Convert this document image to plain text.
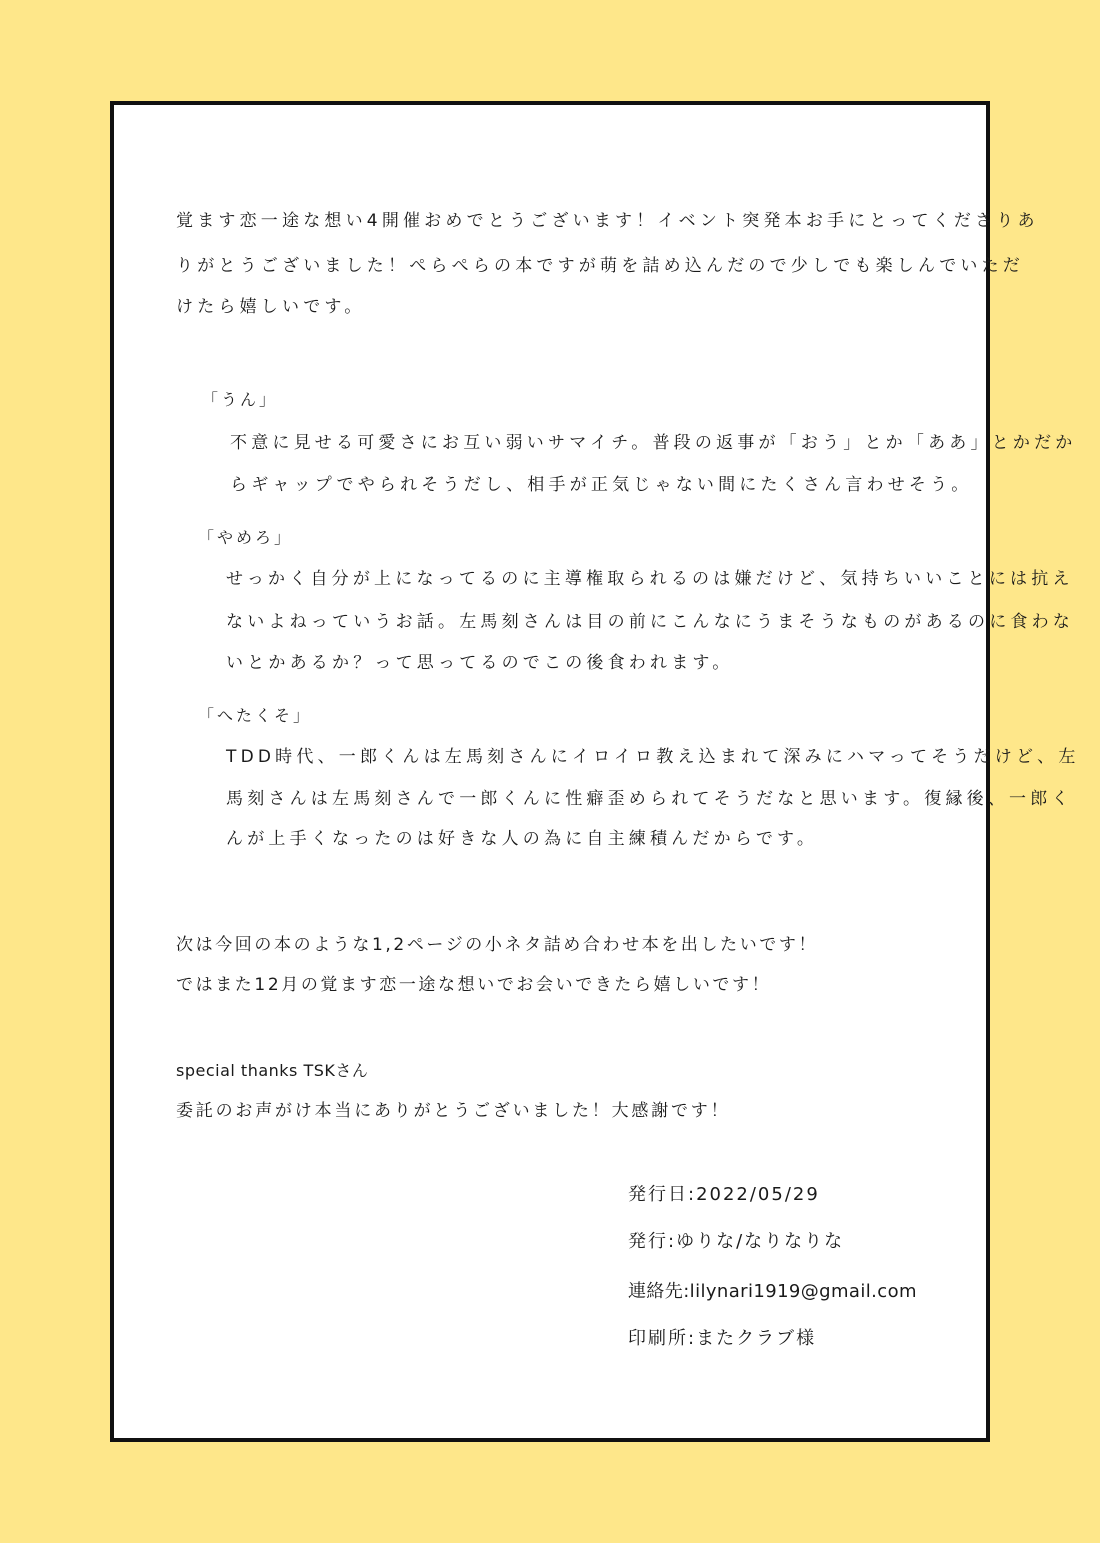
覚ます恋一途な想い4開催おめでとうございます！イベント突発本お手にとってくださりあ
りがとうございました！ぺらぺらの本ですが萌を詰め込んだので少しでも楽しんでいただ
けたら嬉しいです。
「うん」
不意に見せる可愛さにお互い弱いサマイチ。普段の返事が「おう」とか「ああ」とかだか
らギャップでやられそうだし、相手が正気じゃない間にたくさん言わせそう。
「やめろ」
せっかく自分が上になってるのに主導権取られるのは嫌だけど、気持ちいいことには抗え
ないよねっていうお話。左馬刻さんは目の前にこんなにうまそうなものがあるのに食わな
いとかあるか？って思ってるのでこの後食われます。
「へたくそ」
TDD時代、一郎くんは左馬刻さんにイロイロ教え込まれて深みにハマってそうだけど、左
馬刻さんは左馬刻さんで一郎くんに性癖歪められてそうだなと思います。復縁後、一郎く
んが上手くなったのは好きな人の為に自主練積んだからです。
次は今回の本のような1,2ページの小ネタ詰め合わせ本を出したいです！
ではまた12月の覚ます恋一途な想いでお会いできたら嬉しいです！
special thanks TSKさん
委託のお声がけ本当にありがとうございました！大感謝です！
発行日:2022/05/29
発行:ゆりな/なりなりな
連絡先:lilynari1919@gmail.com
印刷所:またクラブ様
